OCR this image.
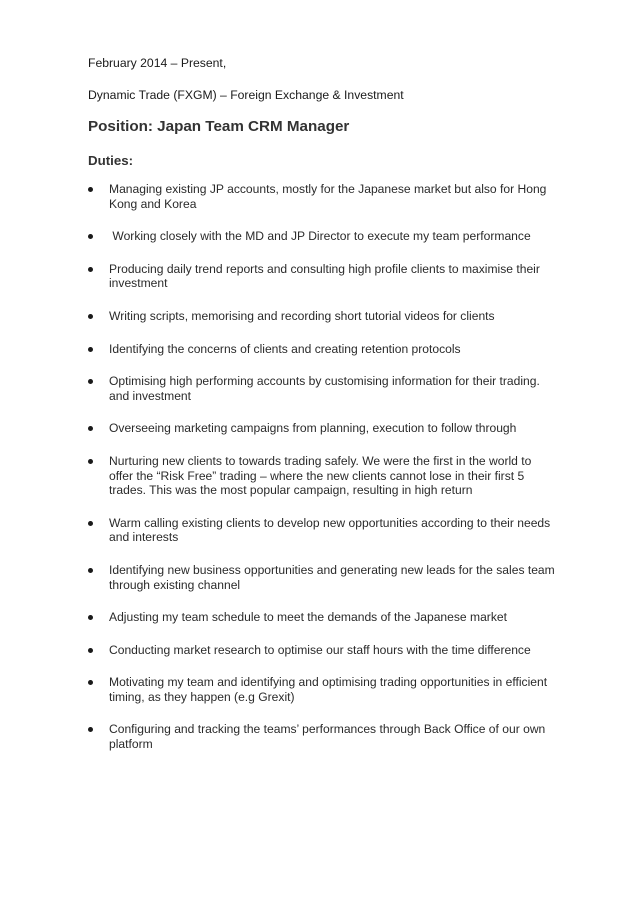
February 2014 – Present,

Dynamic Trade (FXGM) – Foreign Exchange & Investment

Position: Japan Team CRM Manager

Duties:

Managing existing JP accounts, mostly for the Japanese market but also for Hong Kong and Korea
Working closely with the MD and JP Director to execute my team performance
Producing daily trend reports and consulting high profile clients to maximise their investment
Writing scripts, memorising and recording short tutorial videos for clients
Identifying the concerns of clients and creating retention protocols
Optimising high performing accounts by customising information for their trading. and investment
Overseeing marketing campaigns from planning, execution to follow through
Nurturing new clients to towards trading safely. We were the first in the world to offer the “Risk Free” trading – where the new clients cannot lose in their first 5 trades. This was the most popular campaign, resulting in high return
Warm calling existing clients to develop new opportunities according to their needs and interests
Identifying new business opportunities and generating new leads for the sales team through existing channel
Adjusting my team schedule to meet the demands of the Japanese market
Conducting market research to optimise our staff hours with the time difference
Motivating my team and identifying and optimising trading opportunities in efficient timing, as they happen (e.g Grexit)
Configuring and tracking the teams’ performances through Back Office of our own platform
